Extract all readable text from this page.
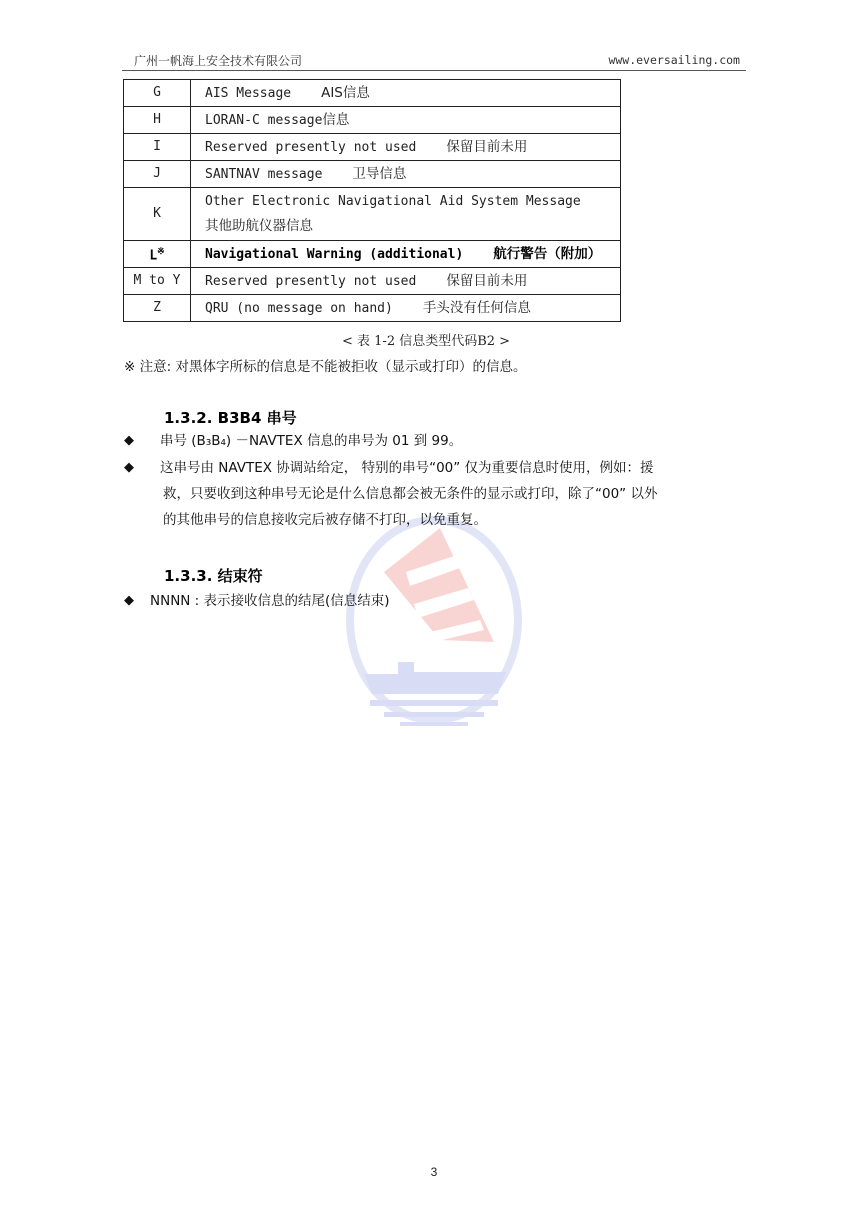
广州一帆海上安全技术有限公司	www.eversailing.com
G	AIS Message AIS信息
H	LORAN-C message信息
I	Reserved presently not used 保留目前未用
J	SANTNAV message 卫导信息
K	Other Electronic Navigational Aid System Message
其他助航仪器信息
L※	Navigational Warning (additional) 航行警告（附加）
M to Y	Reserved presently not used 保留目前未用
Z	QRU (no message on hand) 手头没有任何信息
< 表 1-2 信息类型代码B2 >
※ 注意: 对黑体字所标的信息是不能被拒收（显示或打印）的信息。
1.3.2. B3B4 串号
◆ 串号 (B₃B₄) －NAVTEX 信息的串号为 01 到 99。
◆ 这串号由 NAVTEX 协调站给定， 特别的串号“00” 仅为重要信息时使用，例如：援
救，只要收到这种串号无论是什么信息都会被无条件的显示或打印，除了“00” 以外
的其他串号的信息接收完后被存储不打印，以免重复。
1.3.3. 结束符
◆ NNNN : 表示接收信息的结尾(信息结束)
3
